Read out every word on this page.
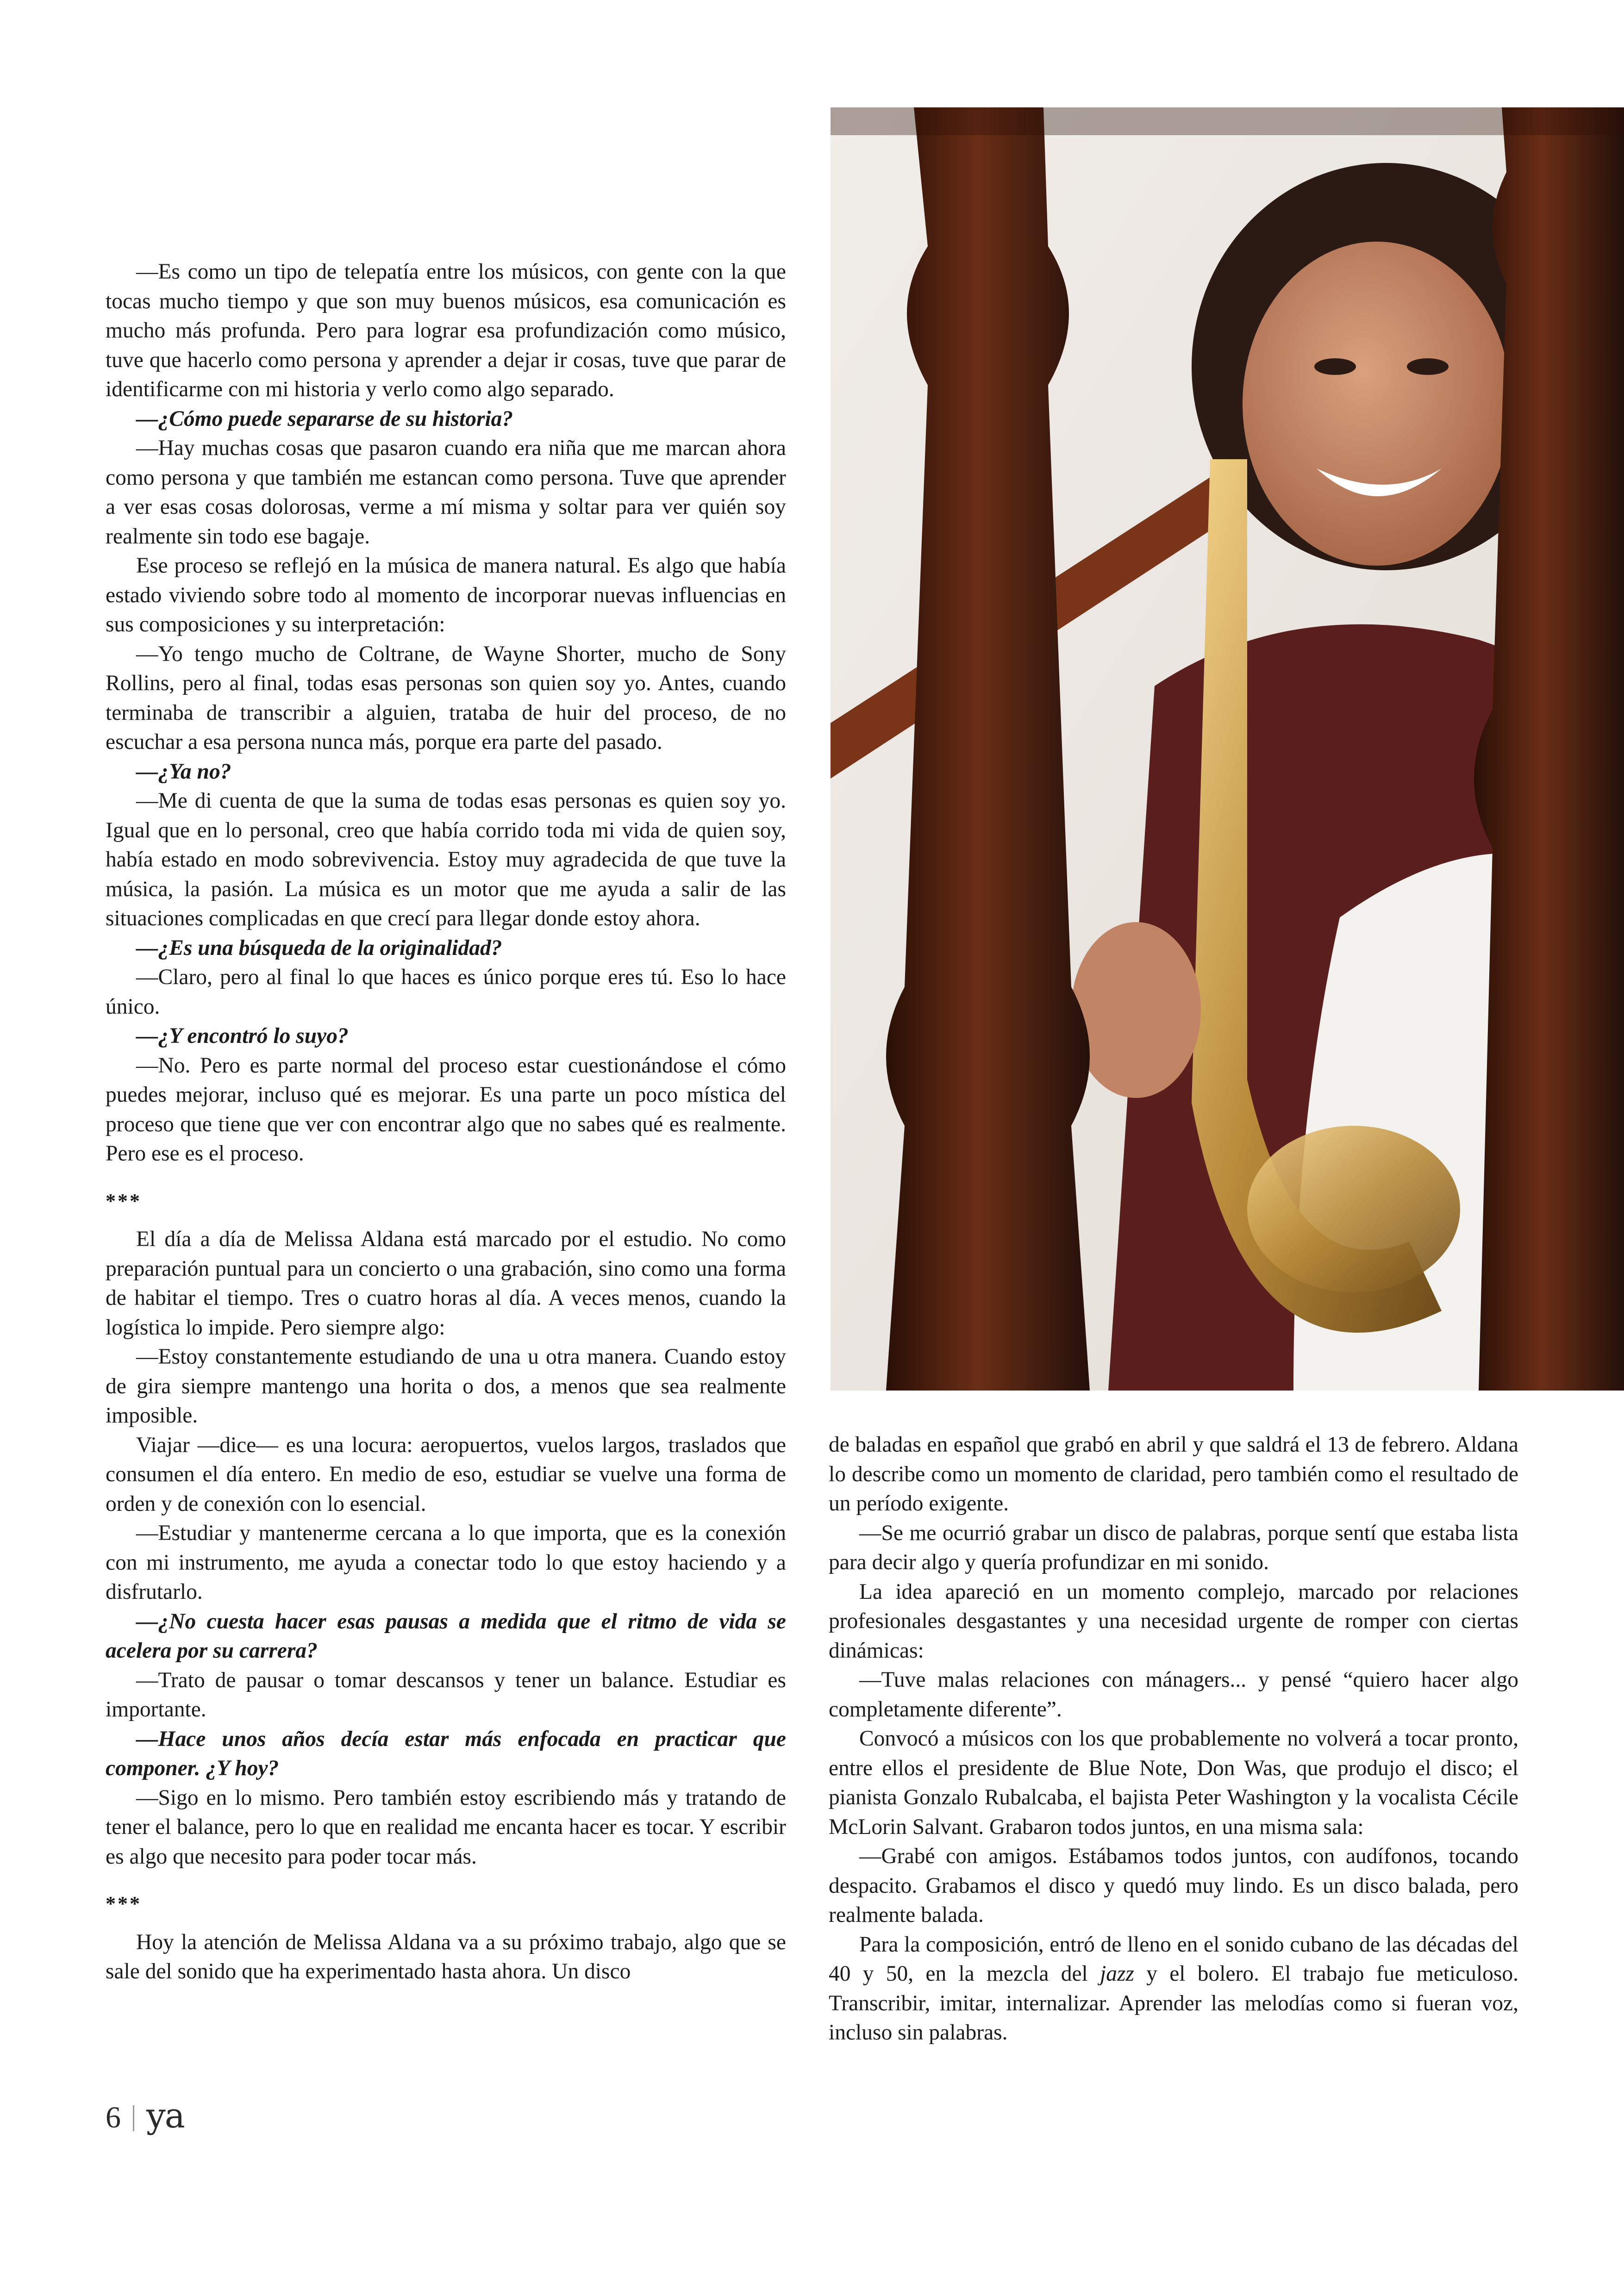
—Es como un tipo de telepatía entre los músicos, con gente con la que tocas mucho tiempo y que son muy buenos músicos, esa comunicación es mucho más profunda. Pero para lograr esa profundización como músico, tuve que hacerlo como persona y aprender a dejar ir cosas, tuve que parar de identificarme con mi historia y verlo como algo separado.

—¿Cómo puede separarse de su historia?

—Hay muchas cosas que pasaron cuando era niña que me marcan ahora como persona y que también me estancan como persona. Tuve que aprender a ver esas cosas dolorosas, verme a mí misma y soltar para ver quién soy realmente sin todo ese bagaje.

Ese proceso se reflejó en la música de manera natural. Es algo que había estado viviendo sobre todo al momento de incorporar nuevas influencias en sus composiciones y su interpretación:

—Yo tengo mucho de Coltrane, de Wayne Shorter, mucho de Sony Rollins, pero al final, todas esas personas son quien soy yo. Antes, cuando terminaba de transcribir a alguien, trataba de huir del proceso, de no escuchar a esa persona nunca más, porque era parte del pasado.

—¿Ya no?

—Me di cuenta de que la suma de todas esas personas es quien soy yo. Igual que en lo personal, creo que había corrido toda mi vida de quien soy, había estado en modo sobrevivencia. Estoy muy agradecida de que tuve la música, la pasión. La música es un motor que me ayuda a salir de las situaciones complicadas en que crecí para llegar donde estoy ahora.

—¿Es una búsqueda de la originalidad?

—Claro, pero al final lo que haces es único porque eres tú. Eso lo hace único.

—¿Y encontró lo suyo?

—No. Pero es parte normal del proceso estar cuestionándose el cómo puedes mejorar, incluso qué es mejorar. Es una parte un poco mística del proceso que tiene que ver con encontrar algo que no sabes qué es realmente. Pero ese es el proceso.

***

El día a día de Melissa Aldana está marcado por el estudio. No como preparación puntual para un concierto o una grabación, sino como una forma de habitar el tiempo. Tres o cuatro horas al día. A veces menos, cuando la logística lo impide. Pero siempre algo:

—Estoy constantemente estudiando de una u otra manera. Cuando estoy de gira siempre mantengo una horita o dos, a menos que sea realmente imposible.

Viajar —dice— es una locura: aeropuertos, vuelos largos, traslados que consumen el día entero. En medio de eso, estudiar se vuelve una forma de orden y de conexión con lo esencial.

—Estudiar y mantenerme cercana a lo que importa, que es la conexión con mi instrumento, me ayuda a conectar todo lo que estoy haciendo y a disfrutarlo.

—¿No cuesta hacer esas pausas a medida que el ritmo de vida se acelera por su carrera?

—Trato de pausar o tomar descansos y tener un balance. Estudiar es importante.

—Hace unos años decía estar más enfocada en practicar que componer. ¿Y hoy?

—Sigo en lo mismo. Pero también estoy escribiendo más y tratando de tener el balance, pero lo que en realidad me encanta hacer es tocar. Y escribir es algo que necesito para poder tocar más.

***

Hoy la atención de Melissa Aldana va a su próximo trabajo, algo que se sale del sonido que ha experimentado hasta ahora. Un disco

de baladas en español que grabó en abril y que saldrá el 13 de febrero. Aldana lo describe como un momento de claridad, pero también como el resultado de un período exigente.

—Se me ocurrió grabar un disco de palabras, porque sentí que estaba lista para decir algo y quería profundizar en mi sonido.

La idea apareció en un momento complejo, marcado por relaciones profesionales desgastantes y una necesidad urgente de romper con ciertas dinámicas:

—Tuve malas relaciones con mánagers... y pensé “quiero hacer algo completamente diferente”.

Convocó a músicos con los que probablemente no volverá a tocar pronto, entre ellos el presidente de Blue Note, Don Was, que produjo el disco; el pianista Gonzalo Rubalcaba, el bajista Peter Washington y la vocalista Cécile McLorin Salvant. Grabaron todos juntos, en una misma sala:

—Grabé con amigos. Estábamos todos juntos, con audífonos, tocando despacito. Grabamos el disco y quedó muy lindo. Es un disco balada, pero realmente balada.

Para la composición, entró de lleno en el sonido cubano de las décadas del 40 y 50, en la mezcla del jazz y el bolero. El trabajo fue meticuloso. Transcribir, imitar, internalizar. Aprender las melodías como si fueran voz, incluso sin palabras.

6 ya
